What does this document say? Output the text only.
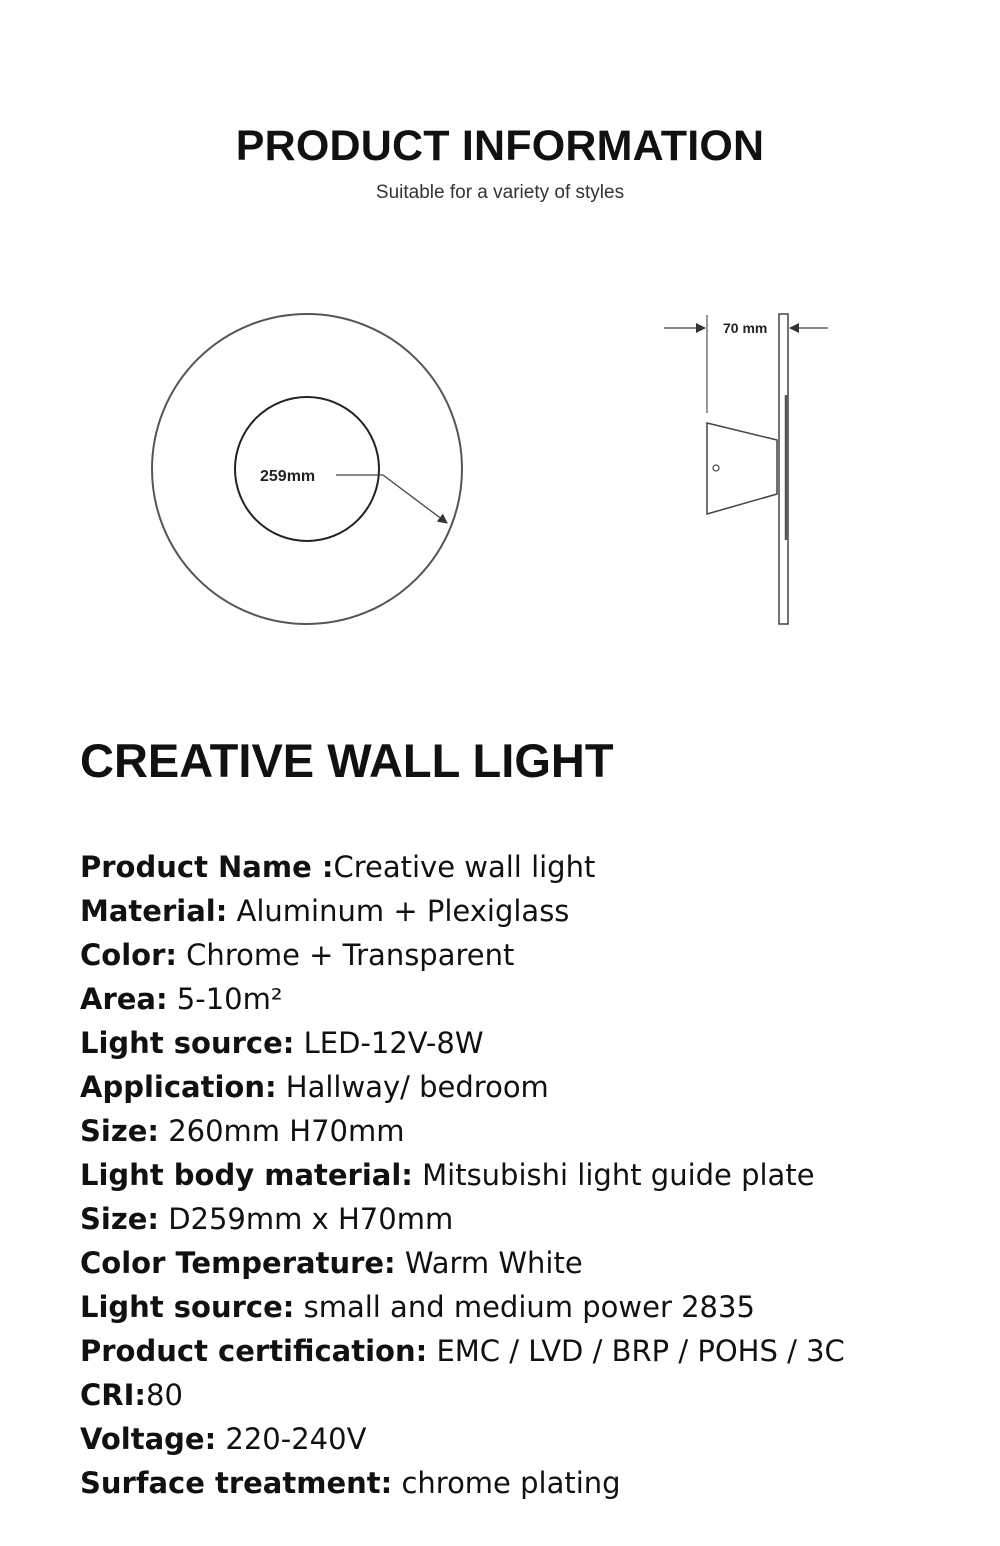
PRODUCT INFORMATION
Suitable for a variety of styles
259mm
70 mm
CREATIVE WALL LIGHT
Product Name :Creative wall light
Material: Aluminum + Plexiglass
Color: Chrome + Transparent
Area: 5-10m²
Light source: LED-12V-8W
Application: Hallway/ bedroom
Size: 260mm H70mm
Light body material: Mitsubishi light guide plate
Size: D259mm x H70mm
Color Temperature: Warm White
Light source: small and medium power 2835
Product certification: EMC / LVD / BRP / POHS / 3C
CRI:80
Voltage: 220-240V
Surface treatment: chrome plating
